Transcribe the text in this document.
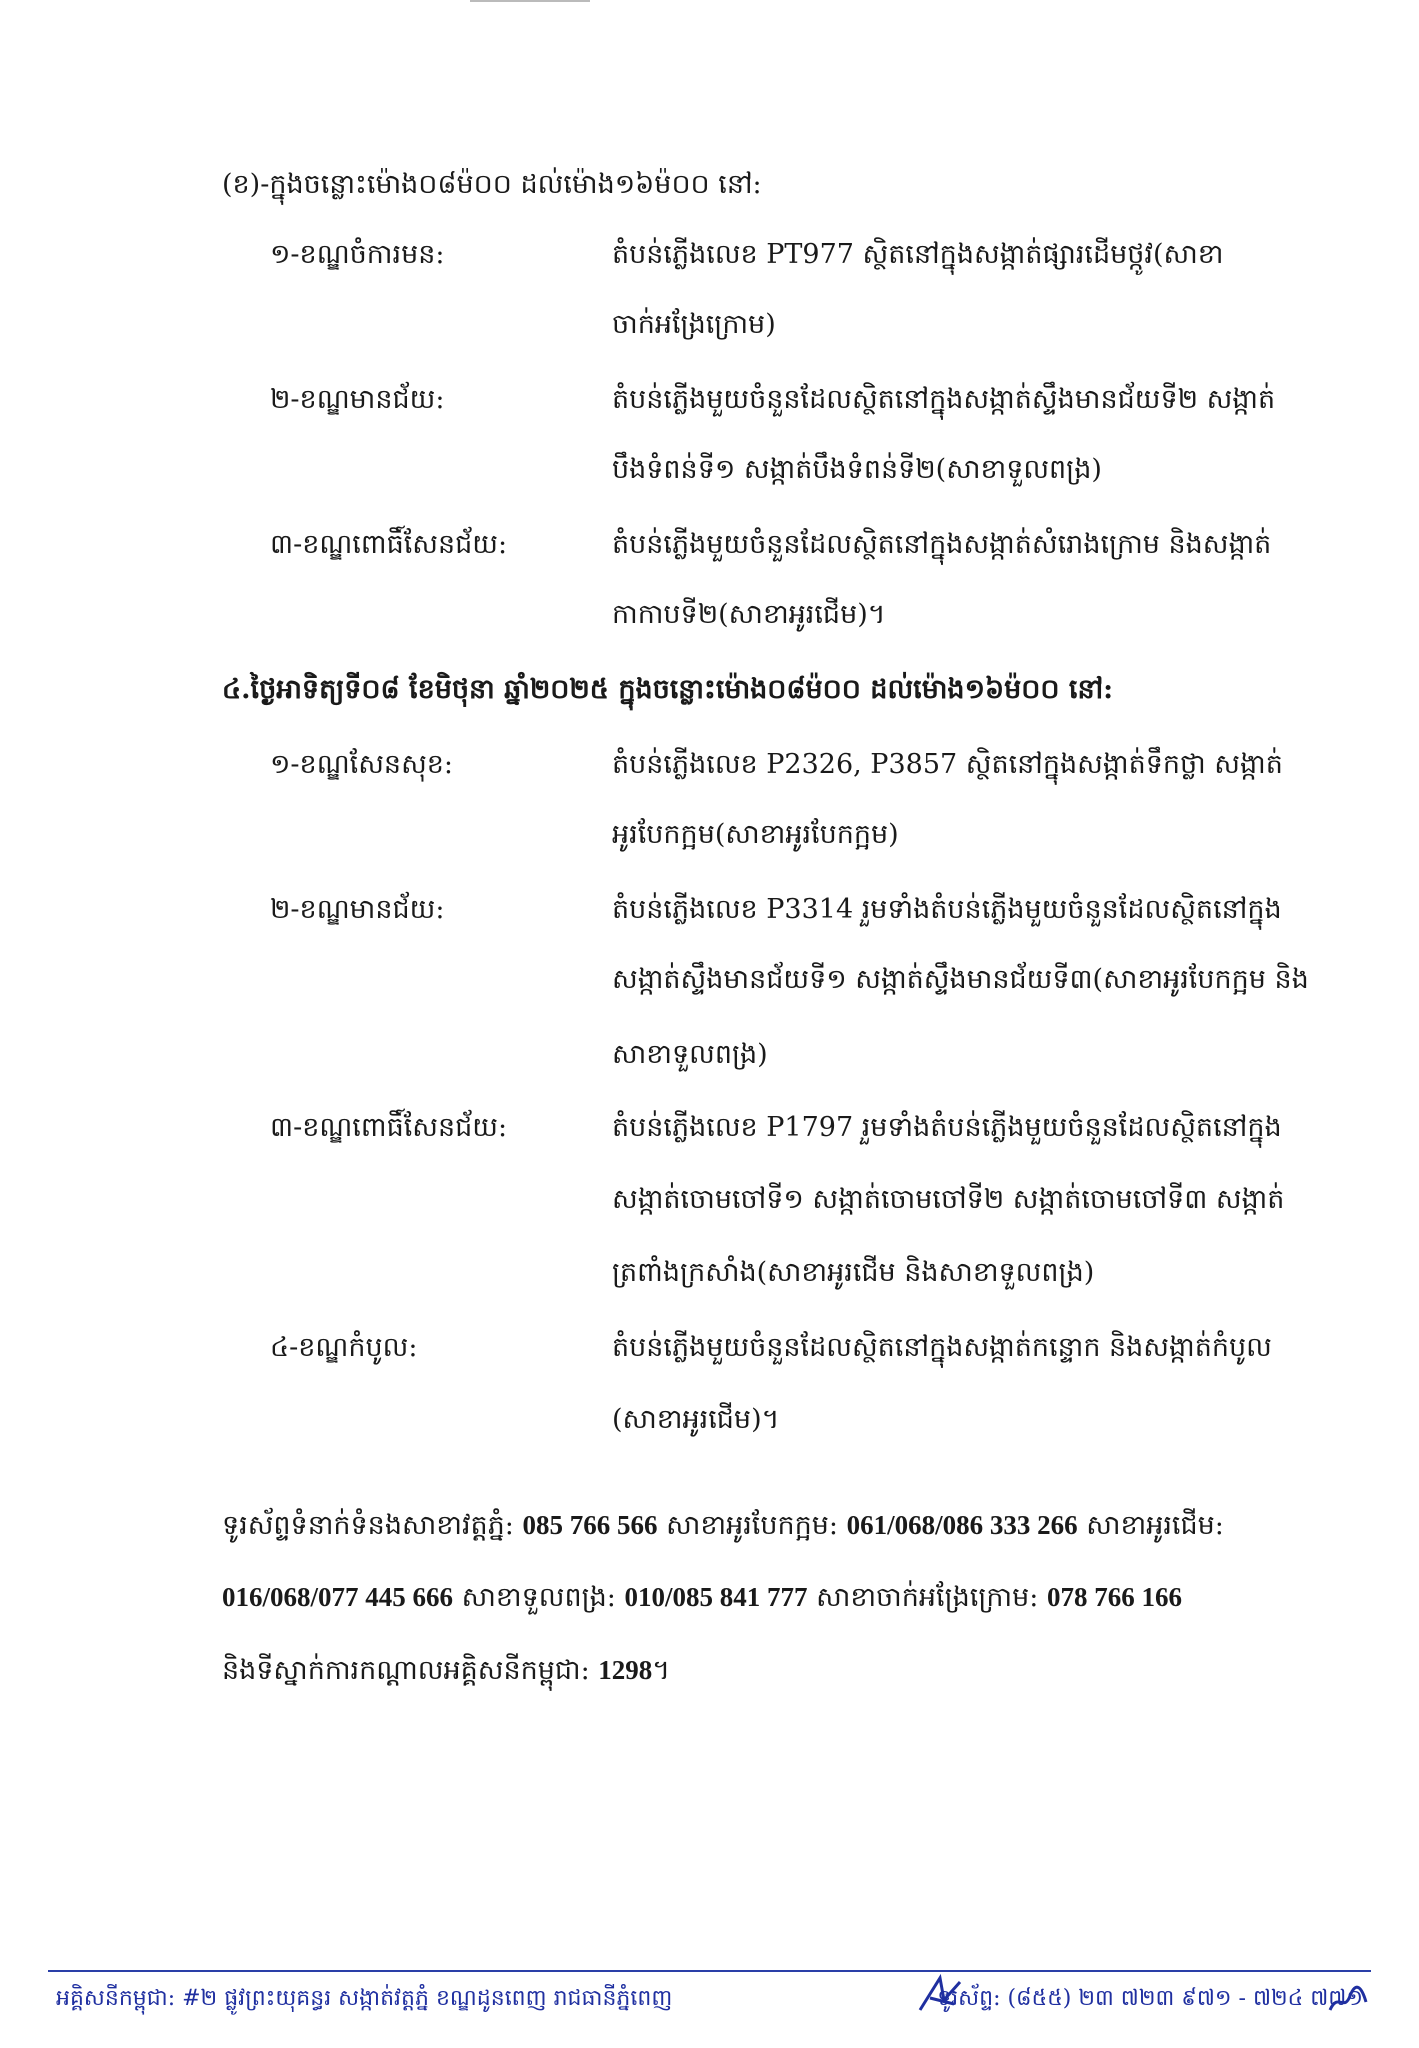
(ខ)-ក្នុងចន្លោះម៉ោង០៨ម៉០០ ដល់ម៉ោង១៦ម៉០០ នៅ:
១-ខណ្ឌចំការមន:	តំបន់ភ្លើងលេខ PT977 ស្ថិតនៅក្នុងសង្កាត់ផ្សារដើមថ្កូវ(សាខា
ចាក់អង្រែក្រោម)
២-ខណ្ឌមានជ័យ:	តំបន់ភ្លើងមួយចំនួនដែលស្ថិតនៅក្នុងសង្កាត់ស្ទឹងមានជ័យទី២ សង្កាត់
បឹងទំពន់ទី១ សង្កាត់បឹងទំពន់ទី២(សាខាទួលពង្រ)
៣-ខណ្ឌពោធិ៍សែនជ័យ:	តំបន់ភ្លើងមួយចំនួនដែលស្ថិតនៅក្នុងសង្កាត់សំរោងក្រោម និងសង្កាត់
កាកាបទី២(សាខាអូរជើម)។
៤.ថ្ងៃអាទិត្យទី០៨ ខែមិថុនា ឆ្នាំ២០២៥ ក្នុងចន្លោះម៉ោង០៨ម៉០០ ដល់ម៉ោង១៦ម៉០០ នៅ:
១-ខណ្ឌសែនសុខ:	តំបន់ភ្លើងលេខ P2326, P3857 ស្ថិតនៅក្នុងសង្កាត់ទឹកថ្លា សង្កាត់
អូរបែកក្អម(សាខាអូរបែកក្អម)
២-ខណ្ឌមានជ័យ:	តំបន់ភ្លើងលេខ P3314 រួមទាំងតំបន់ភ្លើងមួយចំនួនដែលស្ថិតនៅក្នុង
សង្កាត់ស្ទឹងមានជ័យទី១ សង្កាត់ស្ទឹងមានជ័យទី៣(សាខាអូរបែកក្អម និង
សាខាទួលពង្រ)
៣-ខណ្ឌពោធិ៍សែនជ័យ:	តំបន់ភ្លើងលេខ P1797 រួមទាំងតំបន់ភ្លើងមួយចំនួនដែលស្ថិតនៅក្នុង
សង្កាត់ចោមចៅទី១ សង្កាត់ចោមចៅទី២ សង្កាត់ចោមចៅទី៣ សង្កាត់
ត្រពាំងក្រសាំង(សាខាអូរជើម និងសាខាទួលពង្រ)
៤-ខណ្ឌកំបូល:	តំបន់ភ្លើងមួយចំនួនដែលស្ថិតនៅក្នុងសង្កាត់កន្ទោក និងសង្កាត់កំបូល
(សាខាអូរជើម)។
ទូរស័ព្ទទំនាក់ទំនងសាខាវត្តភ្នំ: 085 766 566 សាខាអូរបែកក្អម: 061/068/086 333 266 សាខាអូរជើម:
016/068/077 445 666 សាខាទួលពង្រ: 010/085 841 777 សាខាចាក់អង្រែក្រោម: 078 766 166
និងទីស្នាក់ការកណ្តាលអគ្គិសនីកម្ពុជា: 1298។
អគ្គិសនីកម្ពុជា: #២ ផ្លូវព្រះយុគន្ធរ សង្កាត់វត្តភ្នំ ខណ្ឌដូនពេញ រាជធានីភ្នំពេញ	ទូរស័ព្ទ: (៨៥៥) ២៣ ៧២៣ ៩៧១ - ៧២៤ ៧៧១
